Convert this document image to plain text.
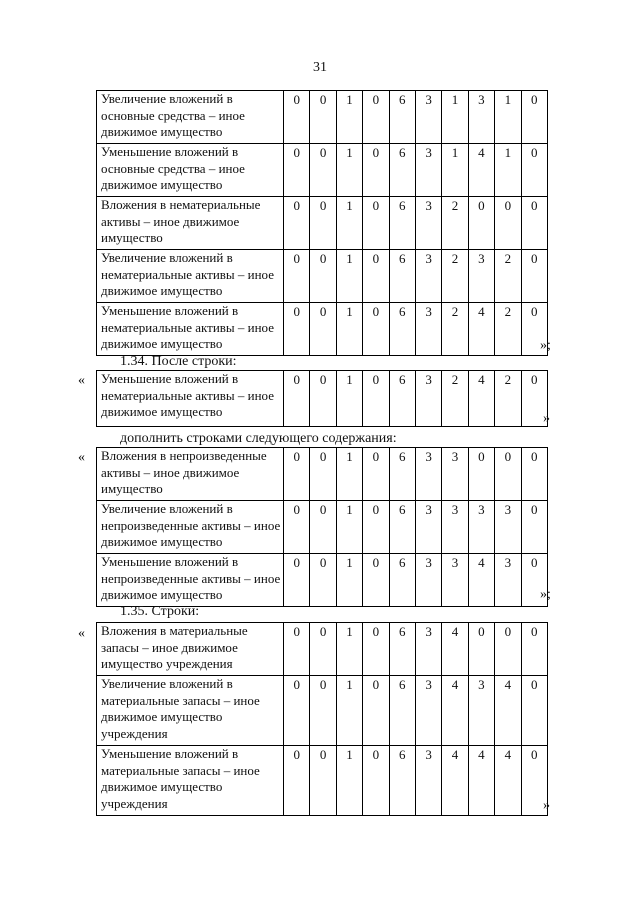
31
Увеличение вложений в основные средства – иное движимое имущество	0	0	1	0	6	3	1	3	1	0
Уменьшение вложений в основные средства – иное движимое имущество	0	0	1	0	6	3	1	4	1	0
Вложения в нематериальные активы – иное движимое имущество	0	0	1	0	6	3	2	0	0	0
Увеличение вложений в нематериальные активы – иное движимое имущество	0	0	1	0	6	3	2	3	2	0
Уменьшение вложений в нематериальные активы – иное движимое имущество	0	0	1	0	6	3	2	4	2	0
»;
1.34. После строки:
« Уменьшение вложений в нематериальные активы – иное движимое имущество	0	0	1	0	6	3	2	4	2	0
»
дополнить строками следующего содержания:
« Вложения в непроизведенные активы – иное движимое имущество	0	0	1	0	6	3	3	0	0	0
Увеличение вложений в непроизведенные активы – иное движимое имущество	0	0	1	0	6	3	3	3	3	0
Уменьшение вложений в непроизведенные активы – иное движимое имущество	0	0	1	0	6	3	3	4	3	0
»;
1.35. Строки:
« Вложения в материальные запасы – иное движимое имущество учреждения	0	0	1	0	6	3	4	0	0	0
Увеличение вложений в материальные запасы – иное движимое имущество учреждения	0	0	1	0	6	3	4	3	4	0
Уменьшение вложений в материальные запасы – иное движимое имущество учреждения	0	0	1	0	6	3	4	4	4	0
»
